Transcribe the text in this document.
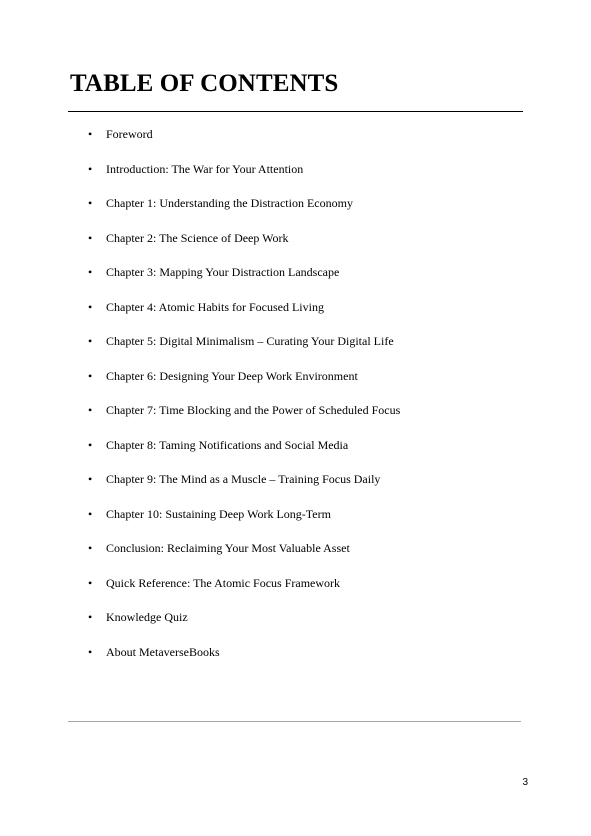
TABLE OF CONTENTS
• Foreword
• Introduction: The War for Your Attention
• Chapter 1: Understanding the Distraction Economy
• Chapter 2: The Science of Deep Work
• Chapter 3: Mapping Your Distraction Landscape
• Chapter 4: Atomic Habits for Focused Living
• Chapter 5: Digital Minimalism – Curating Your Digital Life
• Chapter 6: Designing Your Deep Work Environment
• Chapter 7: Time Blocking and the Power of Scheduled Focus
• Chapter 8: Taming Notifications and Social Media
• Chapter 9: The Mind as a Muscle – Training Focus Daily
• Chapter 10: Sustaining Deep Work Long-Term
• Conclusion: Reclaiming Your Most Valuable Asset
• Quick Reference: The Atomic Focus Framework
• Knowledge Quiz
• About MetaverseBooks
3
